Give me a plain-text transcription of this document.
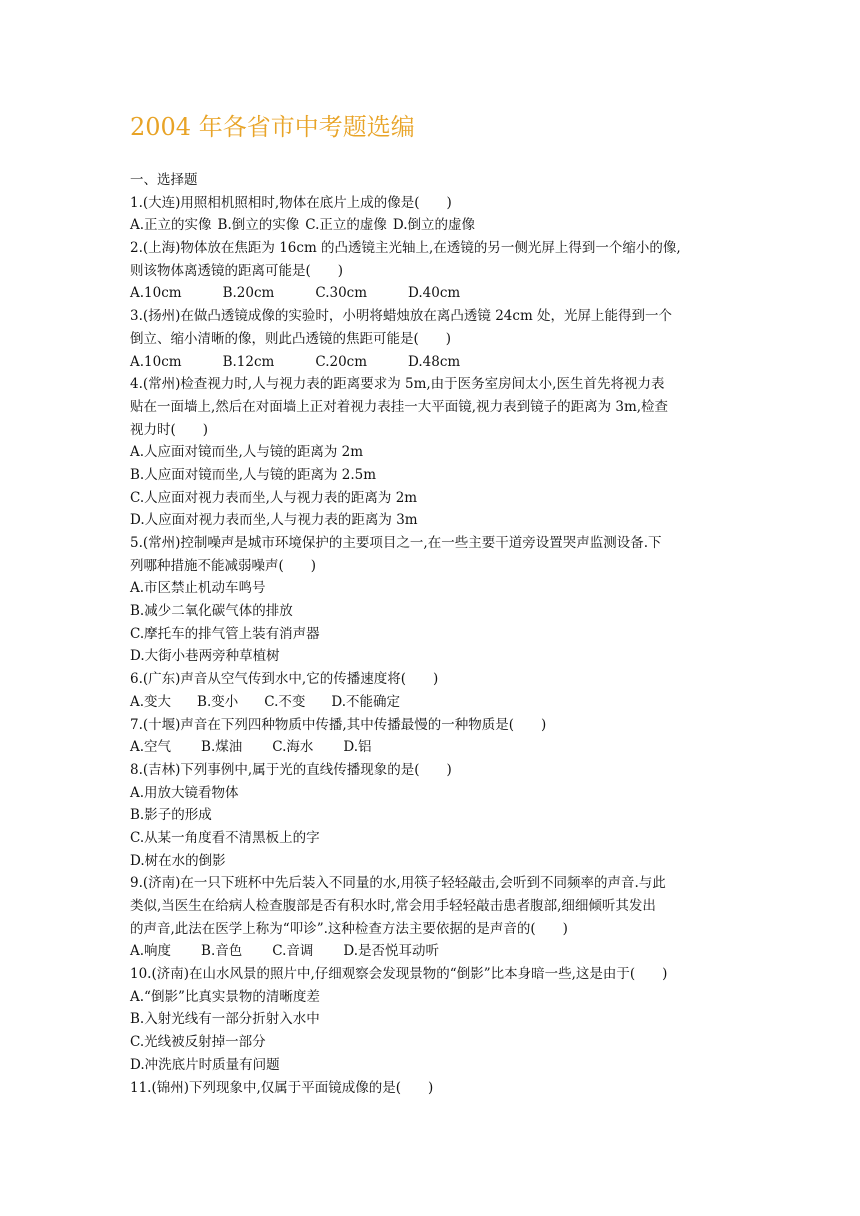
2004 年各省市中考题选编
一、选择题
1.(大连)用照相机照相时,物体在底片上成的像是(　　)
A.正立的实像 B.倒立的实像 C.正立的虚像 D.倒立的虚像
2.(上海)物体放在焦距为 16cm 的凸透镜主光轴上,在透镜的另一侧光屏上得到一个缩小的像,
则该物体离透镜的距离可能是(　　)
A.10cm	B.20cm	C.30cm	D.40cm
3.(扬州)在做凸透镜成像的实验时，小明将蜡烛放在离凸透镜 24cm 处，光屏上能得到一个
倒立、缩小清晰的像，则此凸透镜的焦距可能是(　　)
A.10cm	B.12cm	C.20cm	D.48cm
4.(常州)检查视力时,人与视力表的距离要求为 5m,由于医务室房间太小,医生首先将视力表
贴在一面墙上,然后在对面墙上正对着视力表挂一大平面镜,视力表到镜子的距离为 3m,检查
视力时(　　)
A.人应面对镜而坐,人与镜的距离为 2m
B.人应面对镜而坐,人与镜的距离为 2.5m
C.人应面对视力表而坐,人与视力表的距离为 2m
D.人应面对视力表而坐,人与视力表的距离为 3m
5.(常州)控制噪声是城市环境保护的主要项目之一,在一些主要干道旁设置哭声监测设备.下
列哪种措施不能减弱噪声(　　)
A.市区禁止机动车鸣号
B.减少二氧化碳气体的排放
C.摩托车的排气管上装有消声器
D.大街小巷两旁种草植树
6.(广东)声音从空气传到水中,它的传播速度将(　　)
A.变大 B.变小 C.不变 D.不能确定
7.(十堰)声音在下列四种物质中传播,其中传播最慢的一种物质是(　　)
A.空气 B.煤油 C.海水 D.铝
8.(吉林)下列事例中,属于光的直线传播现象的是(　　)
A.用放大镜看物体
B.影子的形成
C.从某一角度看不清黑板上的字
D.树在水的倒影
9.(济南)在一只下班杯中先后装入不同量的水,用筷子轻轻敲击,会听到不同频率的声音.与此
类似,当医生在给病人检查腹部是否有积水时,常会用手轻轻敲击患者腹部,细细倾听其发出
的声音,此法在医学上称为“叩诊”.这种检查方法主要依据的是声音的(　　)
A.响度 B.音色 C.音调 D.是否悦耳动听
10.(济南)在山水风景的照片中,仔细观察会发现景物的“倒影”比本身暗一些,这是由于(　　)
A.“倒影”比真实景物的清晰度差
B.入射光线有一部分折射入水中
C.光线被反射掉一部分
D.冲洗底片时质量有问题
11.(锦州)下列现象中,仅属于平面镜成像的是(　　)
